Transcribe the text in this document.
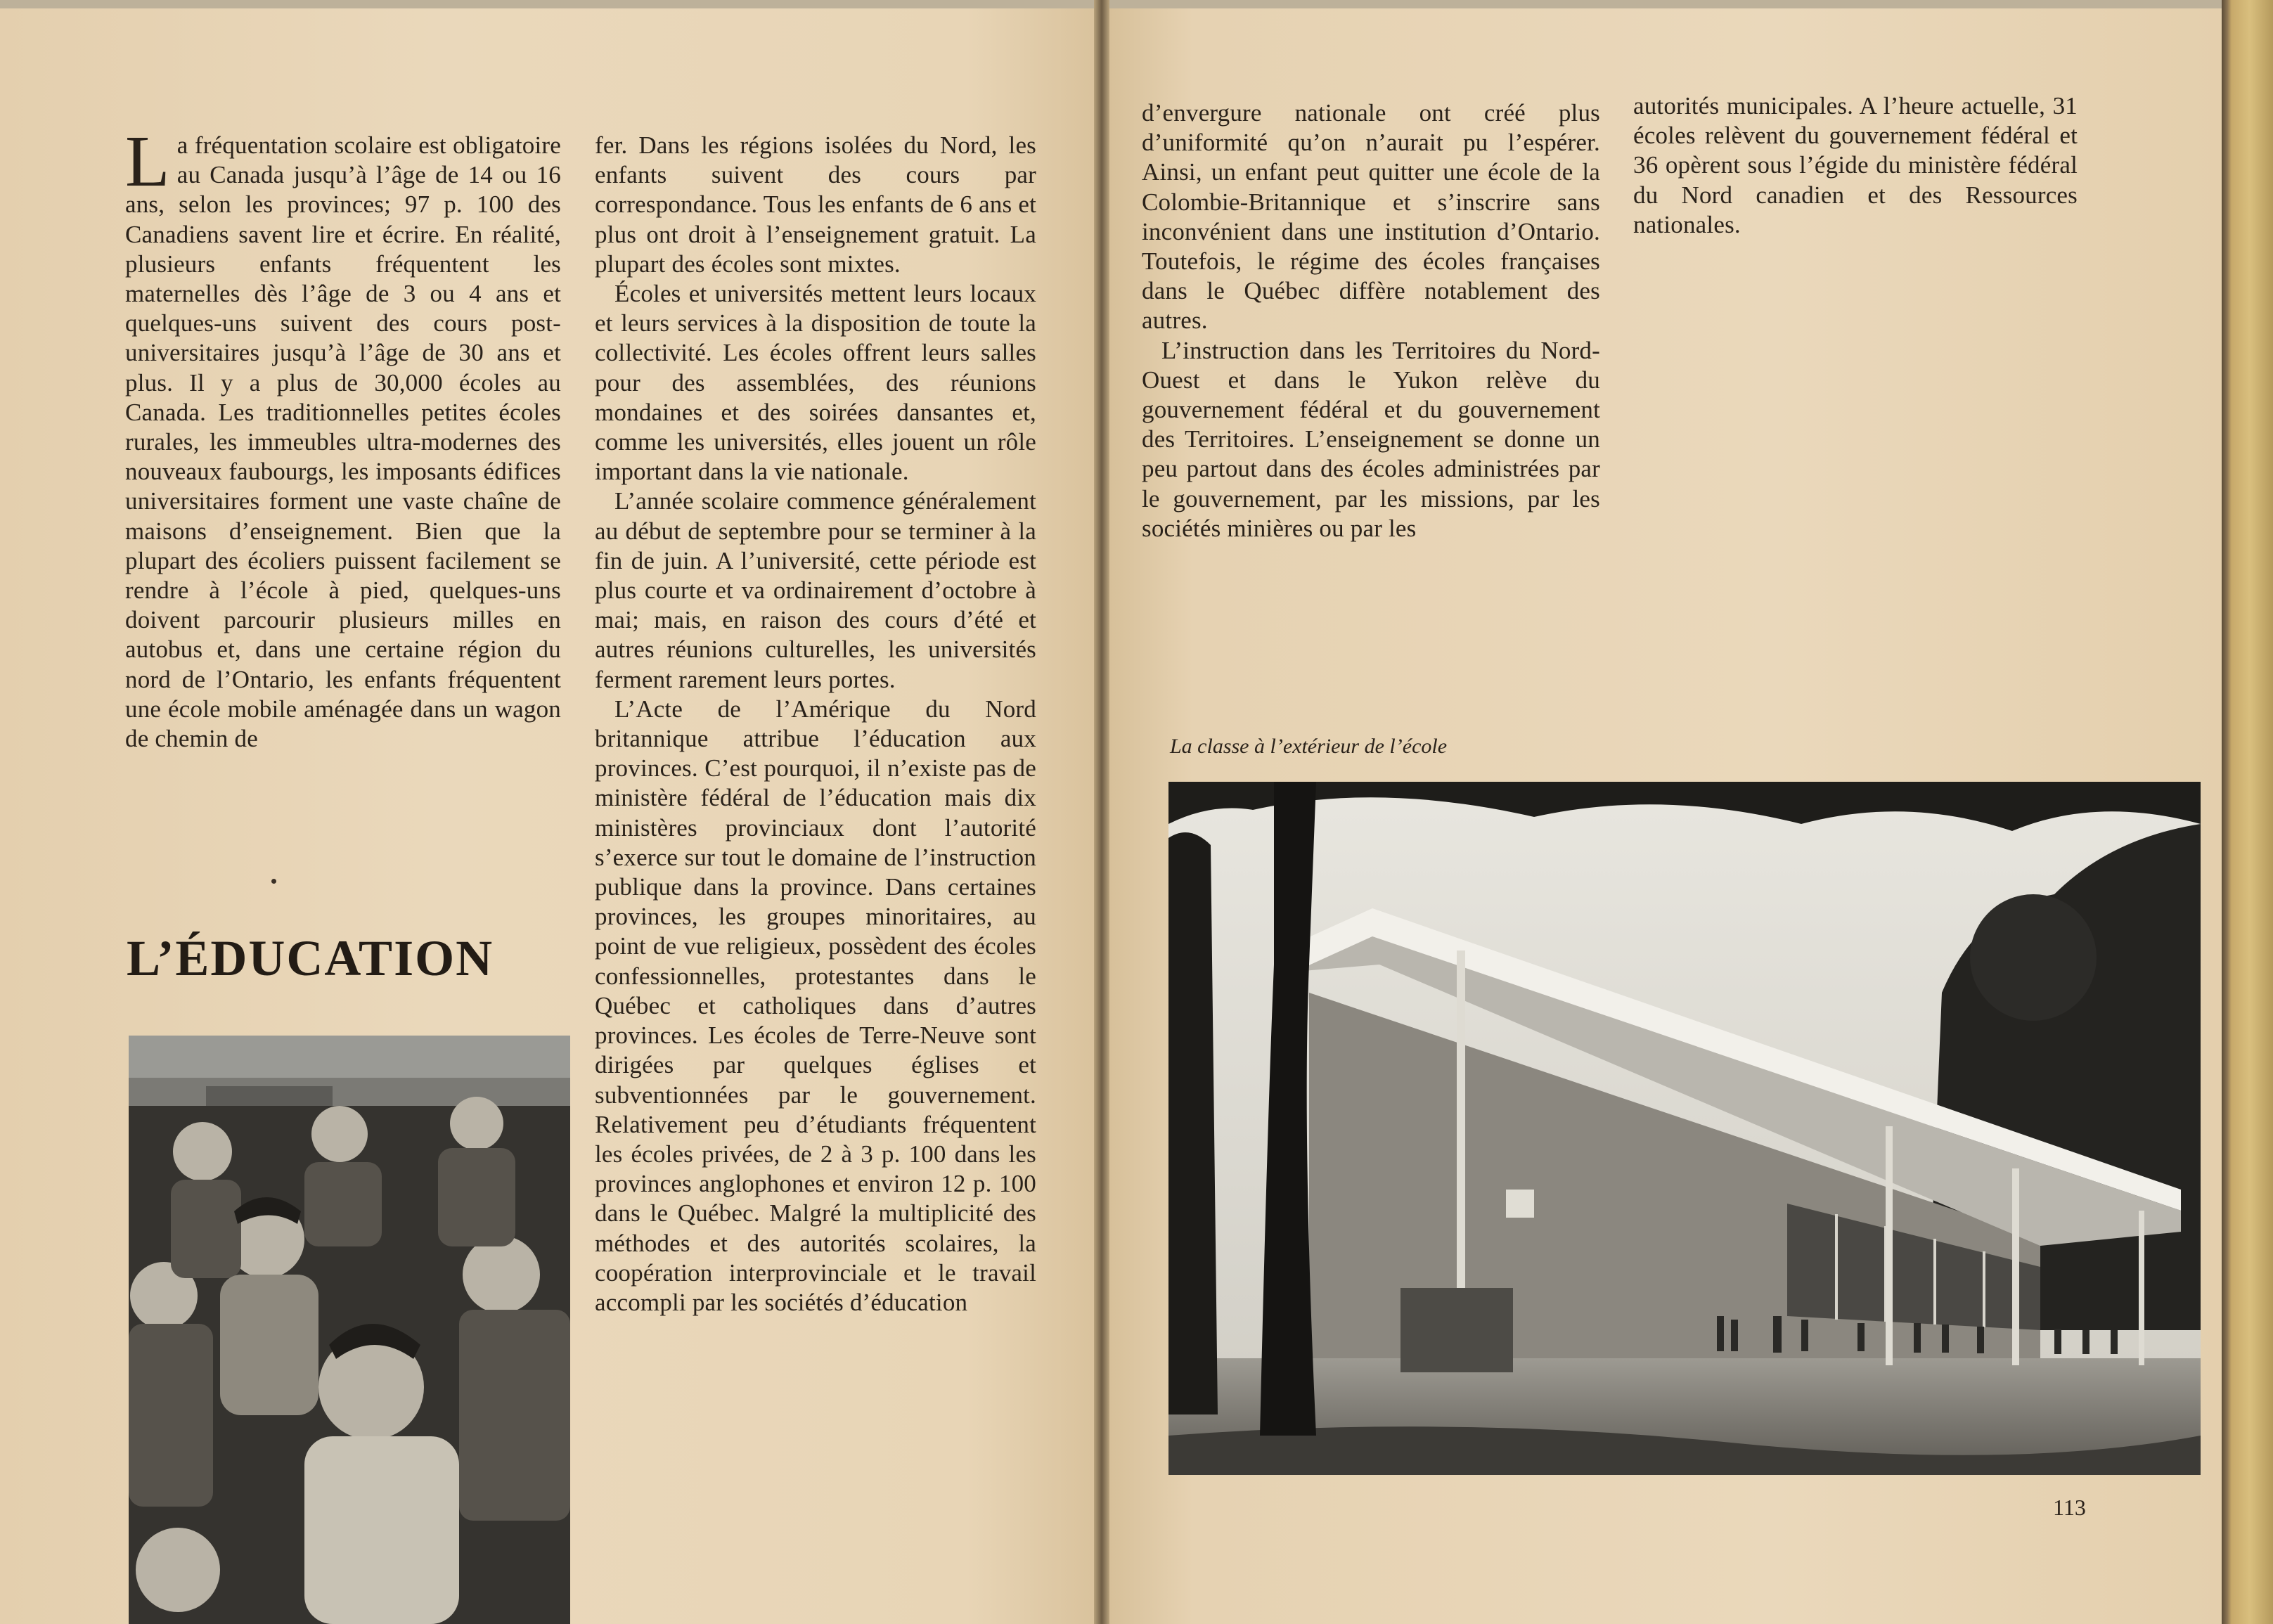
La fréquentation scolaire est obligatoire au Canada jusqu’à l’âge de 14 ou 16 ans, selon les provinces; 97 p. 100 des Canadiens savent lire et écrire. En réalité, plusieurs enfants fréquentent les maternelles dès l’âge de 3 ou 4 ans et quelques-uns suivent des cours post-universitaires jusqu’à l’âge de 30 ans et plus. Il y a plus de 30,000 écoles au Canada. Les traditionnelles petites écoles rurales, les immeubles ultra-modernes des nouveaux faubourgs, les imposants édifices universitaires forment une vaste chaîne de maisons d’enseignement. Bien que la plupart des écoliers puissent facilement se rendre à l’école à pied, quelques-uns doivent parcourir plusieurs milles en autobus et, dans une certaine région du nord de l’Ontario, les enfants fréquentent une école mobile aménagée dans un wagon de chemin de

L’ÉDUCATION

fer. Dans les régions isolées du Nord, les enfants suivent des cours par correspondance. Tous les enfants de 6 ans et plus ont droit à l’enseignement gratuit. La plupart des écoles sont mixtes.

Écoles et universités mettent leurs locaux et leurs services à la disposition de toute la collectivité. Les écoles offrent leurs salles pour des assemblées, des réunions mondaines et des soirées dansantes et, comme les universités, elles jouent un rôle important dans la vie nationale.

L’année scolaire commence généralement au début de septembre pour se terminer à la fin de juin. A l’université, cette période est plus courte et va ordinairement d’octobre à mai; mais, en raison des cours d’été et autres réunions culturelles, les universités ferment rarement leurs portes.

L’Acte de l’Amérique du Nord britannique attribue l’éducation aux provinces. C’est pourquoi, il n’existe pas de ministère fédéral de l’éducation mais dix ministères provinciaux dont l’autorité s’exerce sur tout le domaine de l’instruction publique dans la province. Dans certaines provinces, les groupes minoritaires, au point de vue religieux, possèdent des écoles confessionnelles, protestantes dans le Québec et catholiques dans d’autres provinces. Les écoles de Terre-Neuve sont dirigées par quelques églises et subventionnées par le gouvernement. Relativement peu d’étudiants fréquentent les écoles privées, de 2 à 3 p. 100 dans les provinces anglophones et environ 12 p. 100 dans le Québec. Malgré la multiplicité des méthodes et des autorités scolaires, la coopération interprovinciale et le travail accompli par les sociétés d’éducation

d’envergure nationale ont créé plus d’uniformité qu’on n’aurait pu l’espérer. Ainsi, un enfant peut quitter une école de la Colombie-Britannique et s’inscrire sans inconvénient dans une institution d’Ontario. Toutefois, le régime des écoles françaises dans le Québec diffère notablement des autres.

L’instruction dans les Territoires du Nord-Ouest et dans le Yukon relève du gouvernement fédéral et du gouvernement des Territoires. L’enseignement se donne un peu partout dans des écoles administrées par le gouvernement, par les missions, par les sociétés minières ou par les

autorités municipales. A l’heure actuelle, 31 écoles relèvent du gouvernement fédéral et 36 opèrent sous l’égide du ministère fédéral du Nord canadien et des Ressources nationales.

La classe à l’extérieur de l’école
113
